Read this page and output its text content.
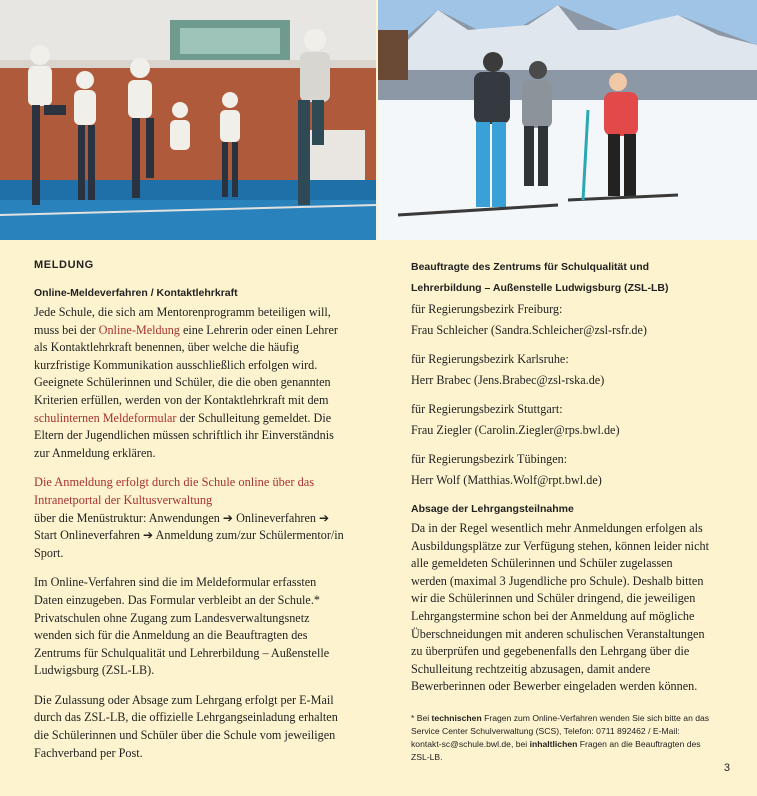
MELDUNG
Online-Meldeverfahren / Kontaktlehrkraft

Jede Schule, die sich am Mentorenprogramm beteiligen will, muss bei der Online-Meldung eine Lehrerin oder einen Lehrer als Kontaktlehrkraft benennen, über welche die häufig kurzfristige Kommunikation ausschließlich erfolgen wird. Geeignete Schülerinnen und Schüler, die die oben genannten Kriterien erfüllen, werden von der Kontaktlehrkraft mit dem schulinternen Meldeformular der Schulleitung gemeldet. Die Eltern der Jugendlichen müssen schriftlich ihr Einverständnis zur Anmeldung erklären.

Die Anmeldung erfolgt durch die Schule online über das Intranetportal der Kultusverwaltung

über die Menüstruktur: Anwendungen ➔ Onlineverfahren ➔ Start Onlineverfahren ➔ Anmeldung zum/zur Schülermentor/in Sport.

Im Online-Verfahren sind die im Meldeformular erfassten Daten einzugeben. Das Formular verbleibt an der Schule.* Privatschulen ohne Zugang zum Landesverwaltungsnetz wenden sich für die Anmeldung an die Beauftragten des Zentrums für Schulqualität und Lehrerbildung – Außenstelle Ludwigsburg (ZSL-LB).

Die Zulassung oder Absage zum Lehrgang erfolgt per E-Mail durch das ZSL-LB, die offizielle Lehrgangseinladung erhalten die Schülerinnen und Schüler über die Schule vom jeweiligen Fachverband per Post.

Beauftragte des Zentrums für Schulqualität und Lehrerbildung – Außenstelle Ludwigsburg (ZSL-LB)

für Regierungsbezirk Freiburg:

Frau Schleicher (Sandra.Schleicher@zsl-rsfr.de)

für Regierungsbezirk Karlsruhe:

Herr Brabec (Jens.Brabec@zsl-rska.de)

für Regierungsbezirk Stuttgart:

Frau Ziegler (Carolin.Ziegler@rps.bwl.de)

für Regierungsbezirk Tübingen:

Herr Wolf (Matthias.Wolf@rpt.bwl.de)

Absage der Lehrgangsteilnahme

Da in der Regel wesentlich mehr Anmeldungen erfolgen als Ausbildungsplätze zur Verfügung stehen, können leider nicht alle gemeldeten Schülerinnen und Schüler zugelassen werden (maximal 3 Jugendliche pro Schule). Deshalb bitten wir die Schülerinnen und Schüler dringend, die jeweiligen Lehrgangstermine schon bei der Anmeldung auf mögliche Überschneidungen mit anderen schulischen Veranstaltungen zu überprüfen und gegebenenfalls den Lehrgang über die Schulleitung rechtzeitig abzusagen, damit andere Bewerberinnen oder Bewerber eingeladen werden können.

* Bei technischen Fragen zum Online-Verfahren wenden Sie sich bitte an das Service Center Schulverwaltung (SCS), Telefon: 0711 892462 / E-Mail: kontakt-sc@schule.bwl.de, bei inhaltlichen Fragen an die Beauftragten des ZSL-LB.
3
